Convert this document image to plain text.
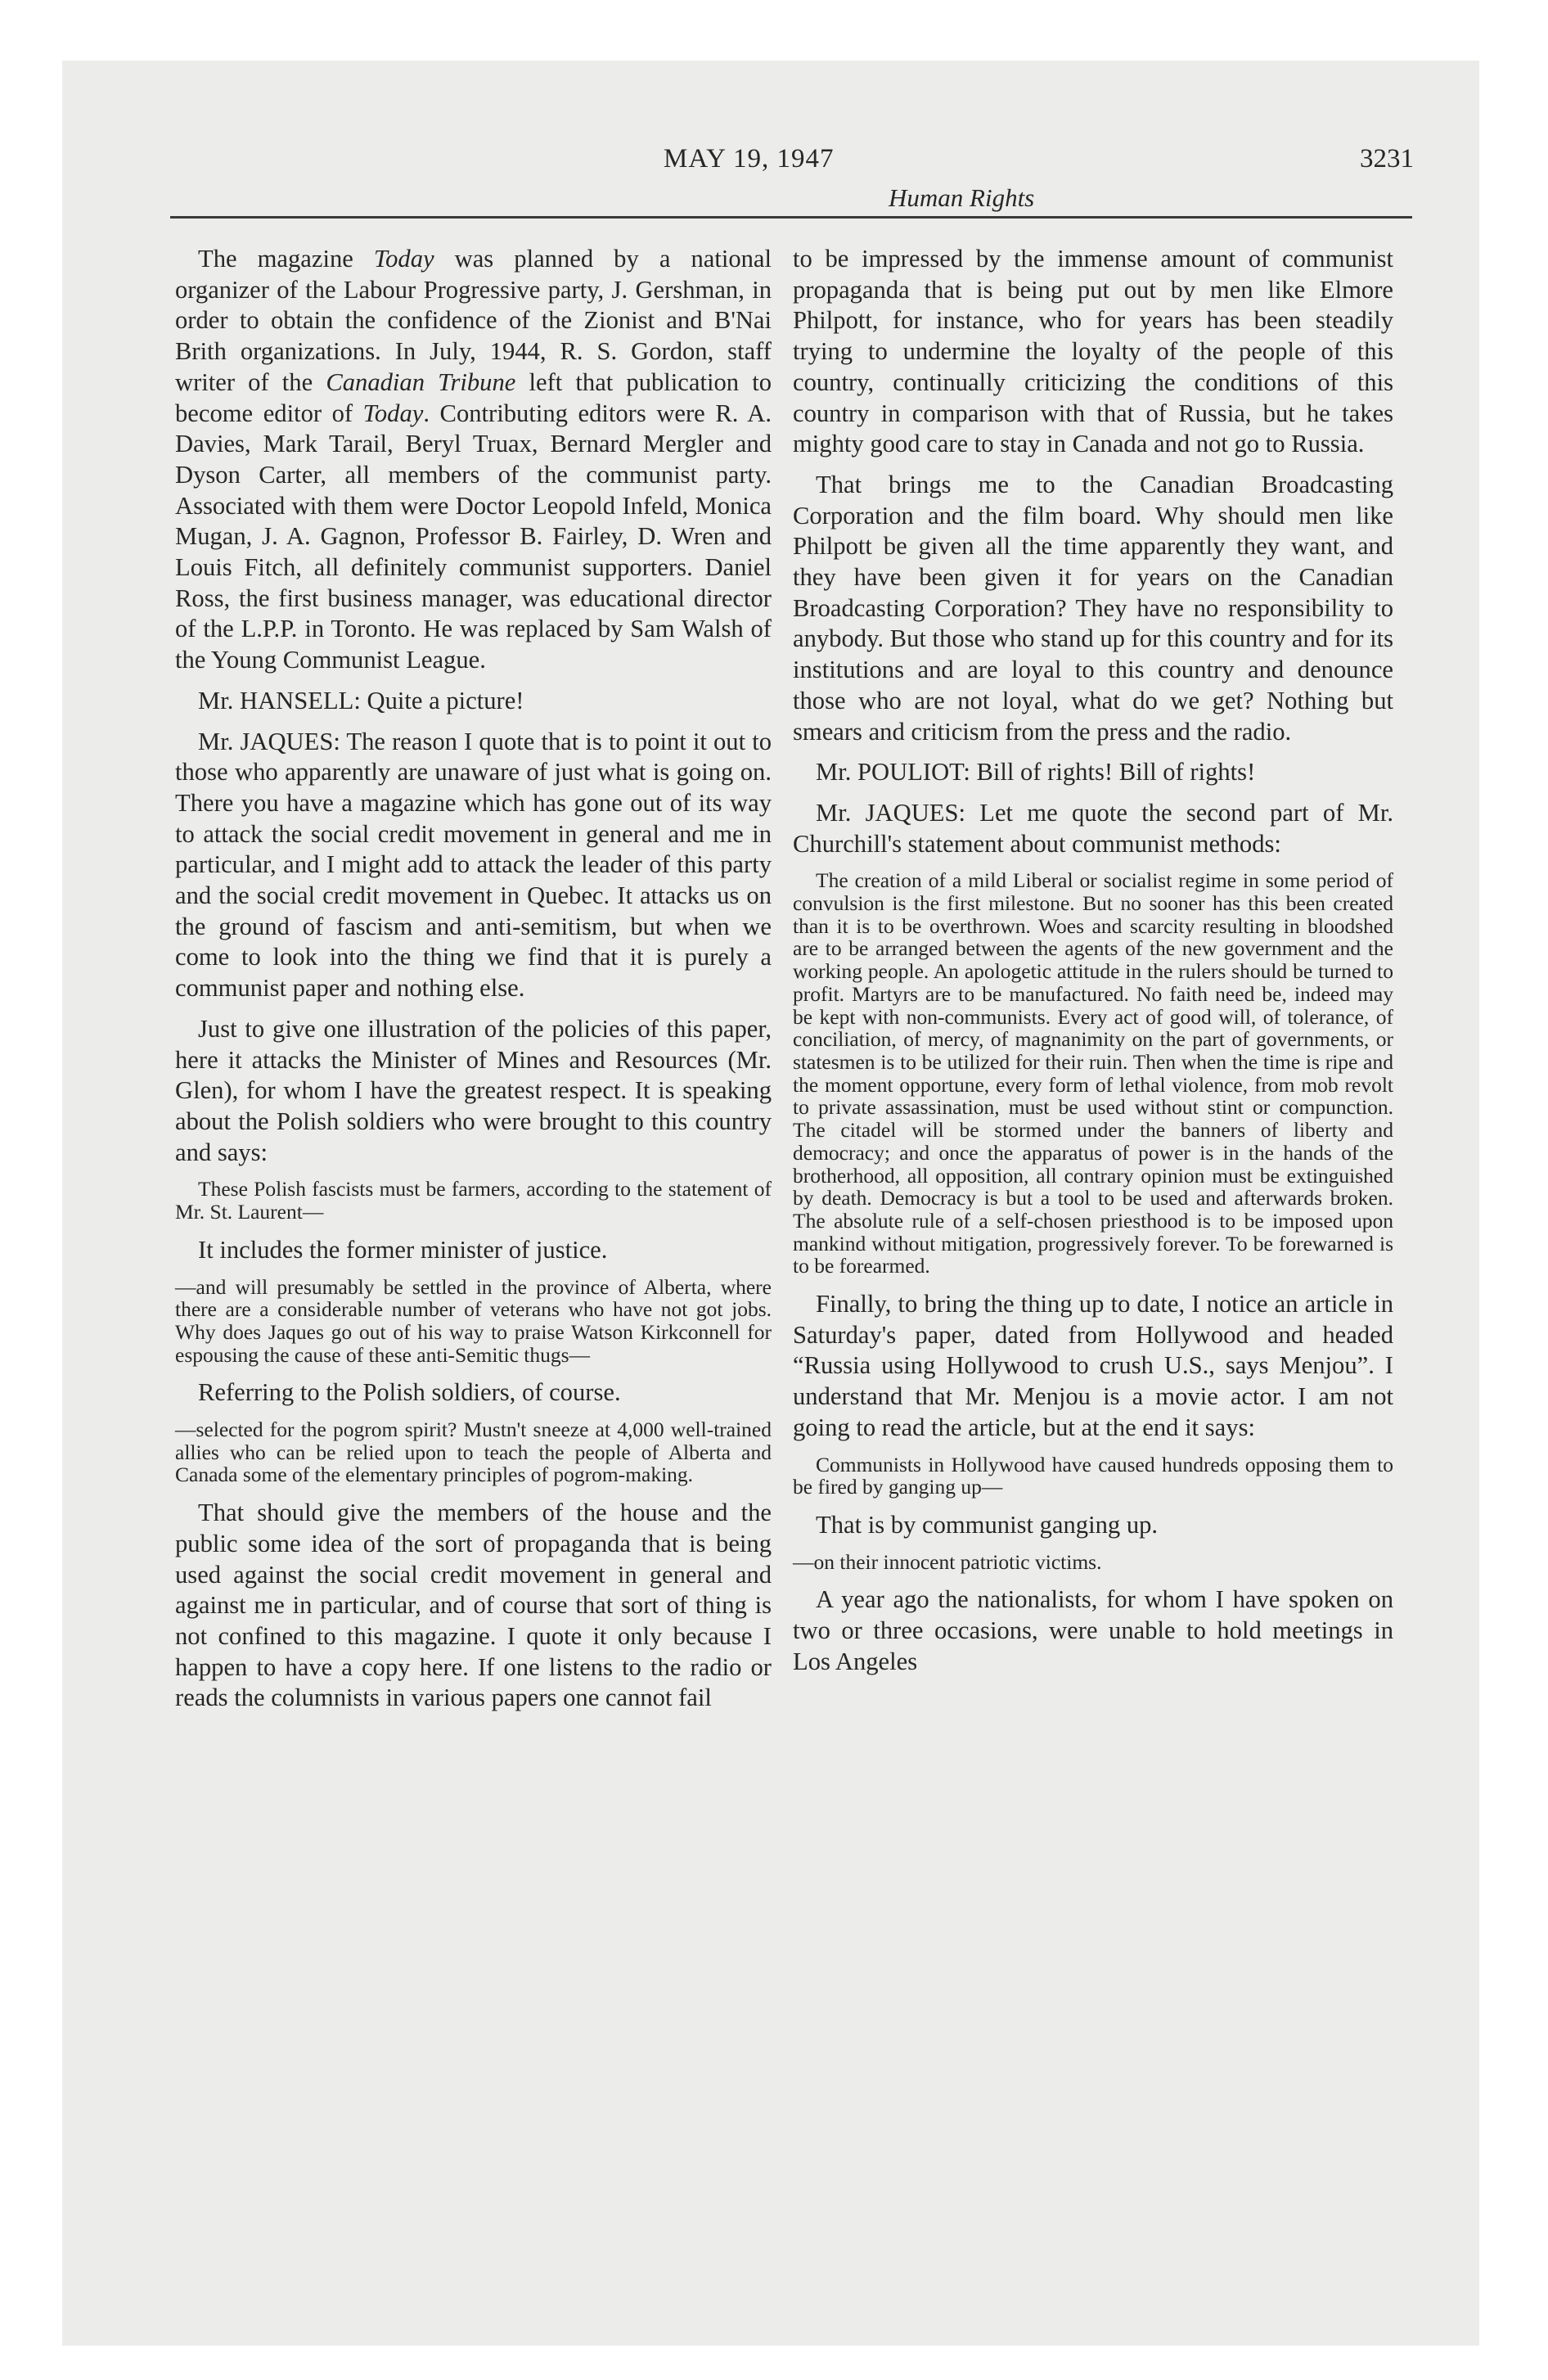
MAY 19, 1947	3231
Human Rights

The magazine Today was planned by a national organizer of the Labour Progressive party, J. Gershman, in order to obtain the confidence of the Zionist and B'Nai Brith organizations. In July, 1944, R. S. Gordon, staff writer of the Canadian Tribune left that publication to become editor of Today. Contributing editors were R. A. Davies, Mark Tarail, Beryl Truax, Bernard Mergler and Dyson Carter, all members of the communist party. Associated with them were Doctor Leopold Infeld, Monica Mugan, J. A. Gagnon, Professor B. Fairley, D. Wren and Louis Fitch, all definitely communist supporters. Daniel Ross, the first business manager, was educational director of the L.P.P. in Toronto. He was replaced by Sam Walsh of the Young Communist League.

Mr. HANSELL: Quite a picture!

Mr. JAQUES: The reason I quote that is to point it out to those who apparently are unaware of just what is going on. There you have a magazine which has gone out of its way to attack the social credit movement in general and me in particular, and I might add to attack the leader of this party and the social credit movement in Quebec. It attacks us on the ground of fascism and anti-semitism, but when we come to look into the thing we find that it is purely a communist paper and nothing else.

Just to give one illustration of the policies of this paper, here it attacks the Minister of Mines and Resources (Mr. Glen), for whom I have the greatest respect. It is speaking about the Polish soldiers who were brought to this country and says:

These Polish fascists must be farmers, according to the statement of Mr. St. Laurent—

It includes the former minister of justice.

—and will presumably be settled in the province of Alberta, where there are a considerable number of veterans who have not got jobs. Why does Jaques go out of his way to praise Watson Kirkconnell for espousing the cause of these anti-Semitic thugs—

Referring to the Polish soldiers, of course.

—selected for the pogrom spirit? Mustn't sneeze at 4,000 well-trained allies who can be relied upon to teach the people of Alberta and Canada some of the elementary principles of pogrom-making.

That should give the members of the house and the public some idea of the sort of propaganda that is being used against the social credit movement in general and against me in particular, and of course that sort of thing is not confined to this magazine. I quote it only because I happen to have a copy here. If one listens to the radio or reads the columnists in various papers one cannot fail

to be impressed by the immense amount of communist propaganda that is being put out by men like Elmore Philpott, for instance, who for years has been steadily trying to undermine the loyalty of the people of this country, continually criticizing the conditions of this country in comparison with that of Russia, but he takes mighty good care to stay in Canada and not go to Russia.

That brings me to the Canadian Broadcasting Corporation and the film board. Why should men like Philpott be given all the time apparently they want, and they have been given it for years on the Canadian Broadcasting Corporation? They have no responsibility to anybody. But those who stand up for this country and for its institutions and are loyal to this country and denounce those who are not loyal, what do we get? Nothing but smears and criticism from the press and the radio.

Mr. POULIOT: Bill of rights! Bill of rights!

Mr. JAQUES: Let me quote the second part of Mr. Churchill's statement about communist methods:

The creation of a mild Liberal or socialist regime in some period of convulsion is the first milestone. But no sooner has this been created than it is to be overthrown. Woes and scarcity resulting in bloodshed are to be arranged between the agents of the new government and the working people. An apologetic attitude in the rulers should be turned to profit. Martyrs are to be manufactured. No faith need be, indeed may be kept with non-communists. Every act of good will, of tolerance, of conciliation, of mercy, of magnanimity on the part of governments, or statesmen is to be utilized for their ruin. Then when the time is ripe and the moment opportune, every form of lethal violence, from mob revolt to private assassination, must be used without stint or compunction. The citadel will be stormed under the banners of liberty and democracy; and once the apparatus of power is in the hands of the brotherhood, all opposition, all contrary opinion must be extinguished by death. Democracy is but a tool to be used and afterwards broken. The absolute rule of a self-chosen priesthood is to be imposed upon mankind without mitigation, progressively forever. To be forewarned is to be forearmed.

Finally, to bring the thing up to date, I notice an article in Saturday's paper, dated from Hollywood and headed “Russia using Hollywood to crush U.S., says Menjou”. I understand that Mr. Menjou is a movie actor. I am not going to read the article, but at the end it says:

Communists in Hollywood have caused hundreds opposing them to be fired by ganging up—

That is by communist ganging up.

—on their innocent patriotic victims.

A year ago the nationalists, for whom I have spoken on two or three occasions, were unable to hold meetings in Los Angeles
